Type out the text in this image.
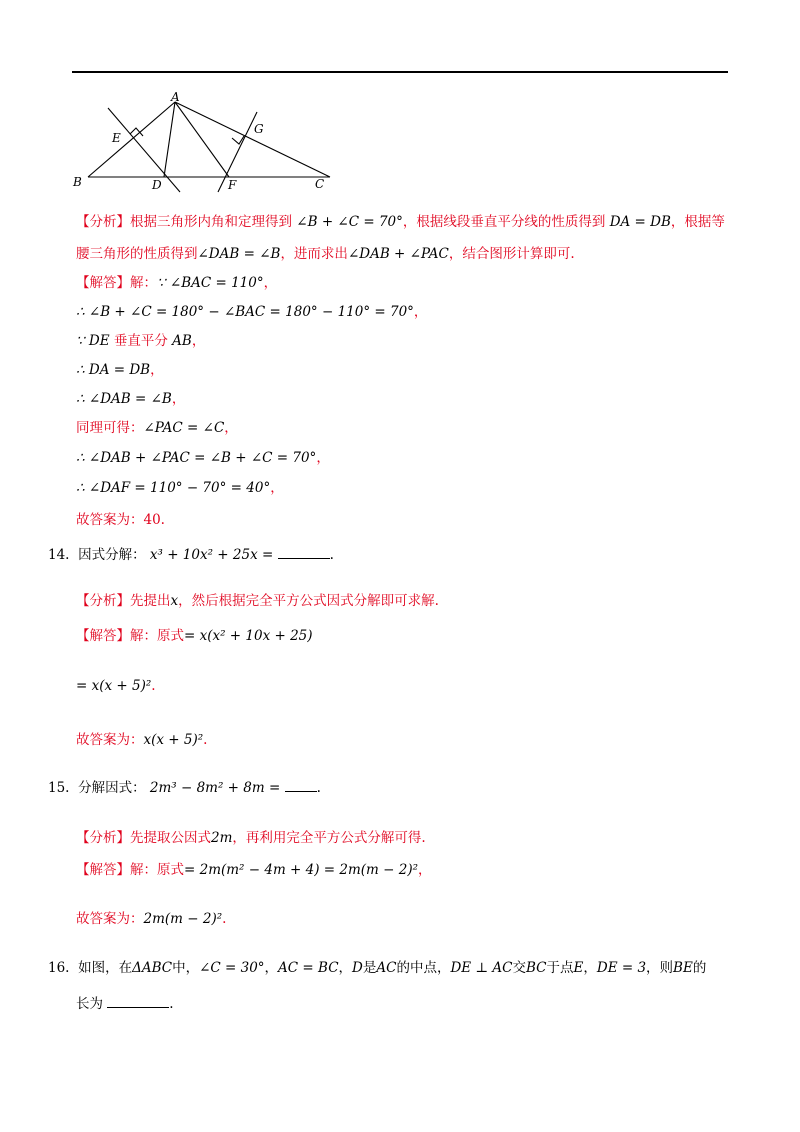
A
B	C
D
E
F
G
【分析】根据三角形内角和定理得到 ∠B + ∠C = 70°，根据线段垂直平分线的性质得到 DA = DB，根据等
腰三角形的性质得到∠DAB = ∠B，进而求出∠DAB + ∠PAC，结合图形计算即可.
【解答】解：∵ ∠BAC = 110°，
∴ ∠B + ∠C = 180° − ∠BAC = 180° − 110° = 70°，
∵ DE 垂直平分 AB，
∴ DA = DB，
∴ ∠DAB = ∠B，
同理可得：∠PAC = ∠C，
∴ ∠DAB + ∠PAC = ∠B + ∠C = 70°，
∴ ∠DAF = 110° − 70° = 40°，
故答案为：40.
14. 因式分解： x³ + 10x² + 25x =	.
【分析】先提出x，然后根据完全平方公式因式分解即可求解.
【解答】解：原式= x(x² + 10x + 25)
= x(x + 5)².
故答案为：x(x + 5)².
15. 分解因式： 2m³ − 8m² + 8m =	.
【分析】先提取公因式2m，再利用完全平方公式分解可得.
【解答】解：原式= 2m(m² − 4m + 4) = 2m(m − 2)²，
故答案为：2m(m − 2)².
16. 如图，在ΔABC中，∠C = 30°，AC = BC，D是AC的中点，DE ⊥ AC交BC于点E，DE = 3，则BE的
长为	.
